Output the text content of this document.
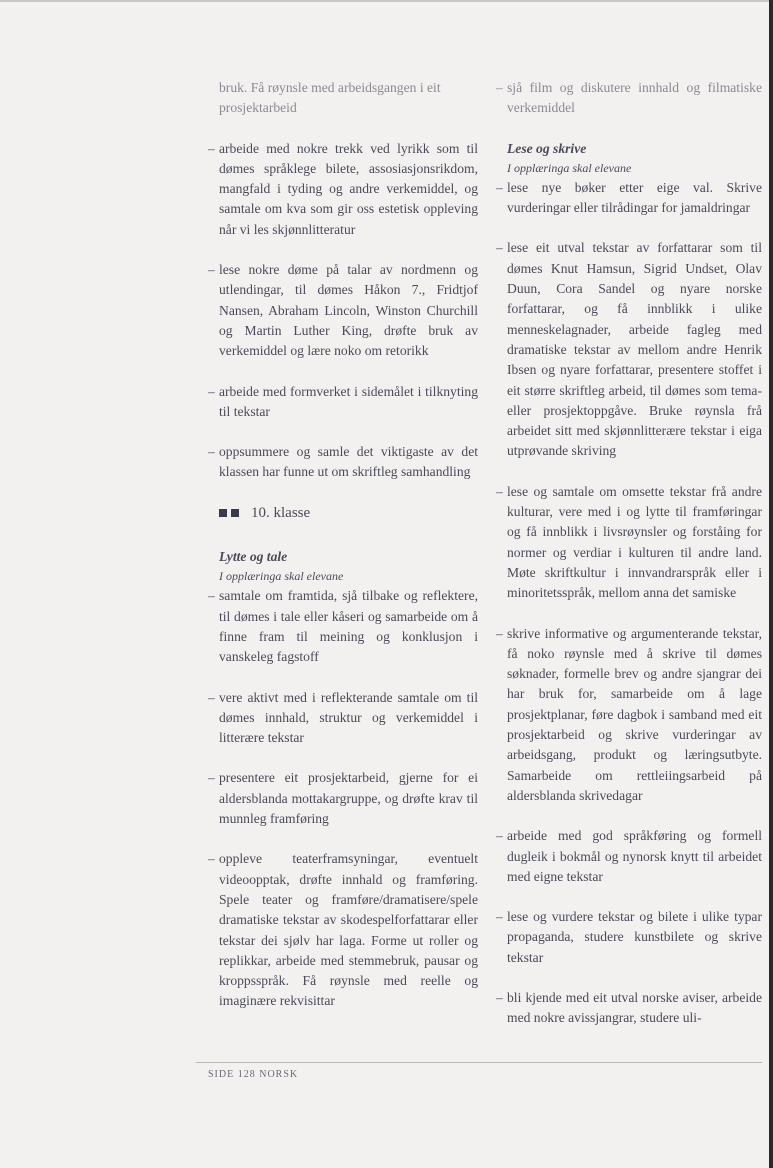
bruk. Få røynsle med arbeidsgangen i eit prosjektarbeid
– arbeide med nokre trekk ved lyrikk som til dømes språklege bilete, assosiasjonsrikdom, mangfald i tyding og andre verkemiddel, og samtale om kva som gir oss estetisk oppleving når vi les skjønnlitteratur
– lese nokre døme på talar av nordmenn og utlendingar, til dømes Håkon 7., Fridtjof Nansen, Abraham Lincoln, Winston Churchill og Martin Luther King, drøfte bruk av verkemiddel og lære noko om retorikk
– arbeide med formverket i sidemålet i tilknyting til tekstar
– oppsummere og samle det viktigaste av det klassen har funne ut om skriftleg samhandling
10. klasse
Lytte og tale
I opplæringa skal elevane
– samtale om framtida, sjå tilbake og reflektere, til dømes i tale eller kåseri og samarbeide om å finne fram til meining og konklusjon i vanskeleg fagstoff
– vere aktivt med i reflekterande samtale om til dømes innhald, struktur og verkemiddel i litterære tekstar
– presentere eit prosjektarbeid, gjerne for ei aldersblanda mottakargruppe, og drøfte krav til munnleg framføring
– oppleve teaterframsyningar, eventuelt videoopptak, drøfte innhald og framføring. Spele teater og framføre/dramatisere/spele dramatiske tekstar av skodespelforfattarar eller tekstar dei sjølv har laga. Forme ut roller og replikkar, arbeide med stemmebruk, pausar og kroppsspråk. Få røynsle med reelle og imaginære rekvisittar
– sjå film og diskutere innhald og filmatiske verkemiddel
Lese og skrive
I opplæringa skal elevane
– lese nye bøker etter eige val. Skrive vurderingar eller tilrådingar for jamaldringar
– lese eit utval tekstar av forfattarar som til dømes Knut Hamsun, Sigrid Undset, Olav Duun, Cora Sandel og nyare norske forfattarar, og få innblikk i ulike menneskelagnader, arbeide fagleg med dramatiske tekstar av mellom andre Henrik Ibsen og nyare forfattarar, presentere stoffet i eit større skriftleg arbeid, til dømes som tema- eller prosjektoppgåve. Bruke røynsla frå arbeidet sitt med skjønnlitterære tekstar i eiga utprøvande skriving
– lese og samtale om omsette tekstar frå andre kulturar, vere med i og lytte til framføringar og få innblikk i livsrøynsler og forståing for normer og verdiar i kulturen til andre land. Møte skriftkultur i innvandrarspråk eller i minoritetsspråk, mellom anna det samiske
– skrive informative og argumenterande tekstar, få noko røynsle med å skrive til dømes søknader, formelle brev og andre sjangrar dei har bruk for, samarbeide om å lage prosjektplanar, føre dagbok i samband med eit prosjektarbeid og skrive vurderingar av arbeidsgang, produkt og læringsutbyte. Samarbeide om rettleiingsarbeid på aldersblanda skrivedagar
– arbeide med god språkføring og formell dugleik i bokmål og nynorsk knytt til arbeidet med eigne tekstar
– lese og vurdere tekstar og bilete i ulike typar propaganda, studere kunstbilete og skrive tekstar
– bli kjende med eit utval norske aviser, arbeide med nokre avissjangrar, studere uli-
SIDE 128 NORSK
